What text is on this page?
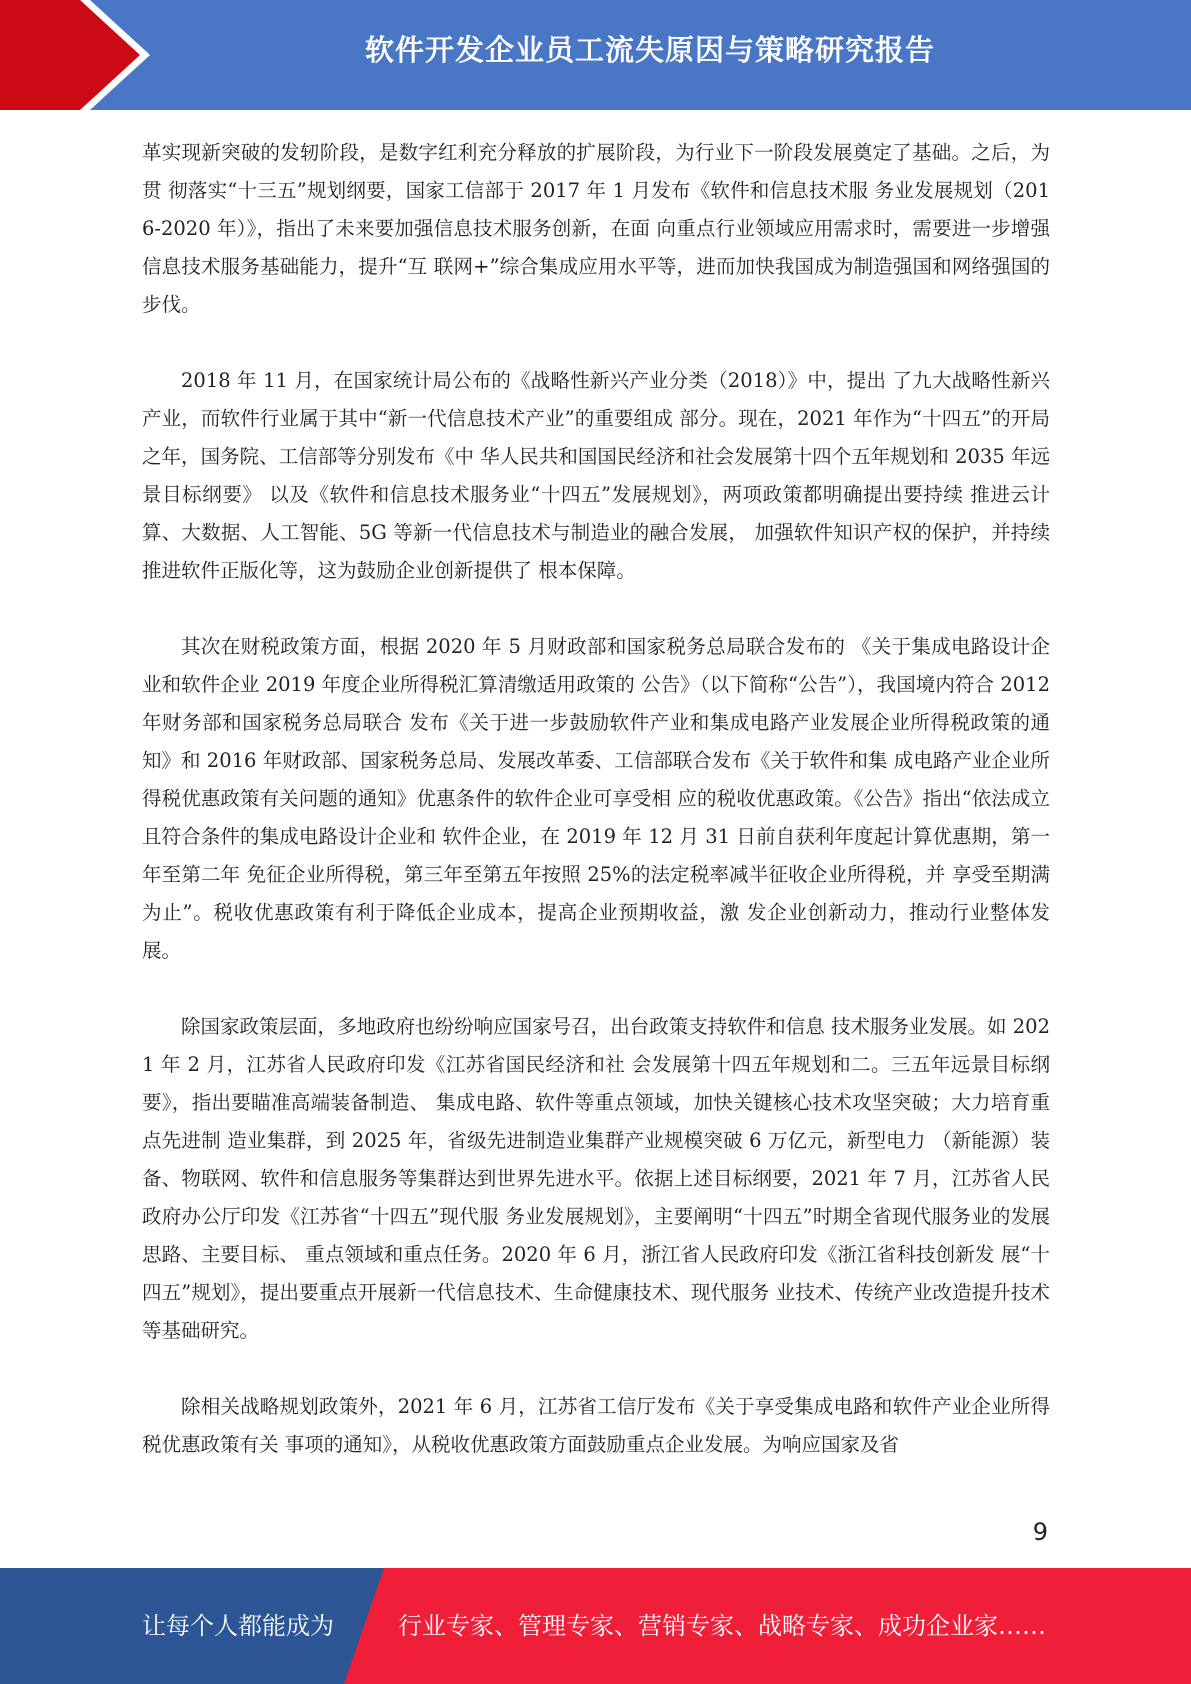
软件开发企业员工流失原因与策略研究报告

革实现新突破的发轫阶段，是数字红利充分释放的扩展阶段，为行业下一阶段发展奠定了基础。之后，为贯 彻落实“十三五”规划纲要，国家工信部于 2017 年 1 月发布《软件和信息技术服 务业发展规划（2016-2020 年）》，指出了未来要加强信息技术服务创新，在面 向重点行业领域应用需求时，需要进一步增强信息技术服务基础能力，提升“互 联网+”综合集成应用水平等，进而加快我国成为制造强国和网络强国的步伐。

2018 年 11 月，在国家统计局公布的《战略性新兴产业分类（2018）》中，提出 了九大战略性新兴产业，而软件行业属于其中“新一代信息技术产业”的重要组成 部分。现在，2021 年作为“十四五”的开局之年，国务院、工信部等分别发布《中 华人民共和国国民经济和社会发展第十四个五年规划和 2035 年远景目标纲要》 以及《软件和信息技术服务业“十四五”发展规划》，两项政策都明确提出要持续 推进云计算、大数据、人工智能、5G 等新一代信息技术与制造业的融合发展， 加强软件知识产权的保护，并持续推进软件正版化等，这为鼓励企业创新提供了 根本保障。

其次在财税政策方面，根据 2020 年 5 月财政部和国家税务总局联合发布的 《关于集成电路设计企业和软件企业 2019 年度企业所得税汇算清缴适用政策的 公告》（以下简称“公告”），我国境内符合 2012 年财务部和国家税务总局联合 发布《关于进一步鼓励软件产业和集成电路产业发展企业所得税政策的通知》和 2016 年财政部、国家税务总局、发展改革委、工信部联合发布《关于软件和集 成电路产业企业所得税优惠政策有关问题的通知》优惠条件的软件企业可享受相 应的税收优惠政策。《公告》指出“依法成立且符合条件的集成电路设计企业和 软件企业，在 2019 年 12 月 31 日前自获利年度起计算优惠期，第一年至第二年 免征企业所得税，第三年至第五年按照 25%的法定税率减半征收企业所得税，并 享受至期满为止”。税收优惠政策有利于降低企业成本，提高企业预期收益，激 发企业创新动力，推动行业整体发展。

除国家政策层面，多地政府也纷纷响应国家号召，出台政策支持软件和信息 技术服务业发展。如 2021 年 2 月，江苏省人民政府印发《江苏省国民经济和社 会发展第十四五年规划和二。三五年远景目标纲要》，指出要瞄准高端装备制造、 集成电路、软件等重点领域，加快关键核心技术攻坚突破；大力培育重点先进制 造业集群，到 2025 年，省级先进制造业集群产业规模突破 6 万亿元，新型电力 （新能源）装备、物联网、软件和信息服务等集群达到世界先进水平。依据上述目标纲要，2021 年 7 月，江苏省人民政府办公厅印发《江苏省“十四五”现代服 务业发展规划》，主要阐明“十四五”时期全省现代服务业的发展思路、主要目标、 重点领域和重点任务。2020 年 6 月，浙江省人民政府印发《浙江省科技创新发 展“十四五”规划》，提出要重点开展新一代信息技术、生命健康技术、现代服务 业技术、传统产业改造提升技术等基础研究。

除相关战略规划政策外，2021 年 6 月，江苏省工信厅发布《关于享受集成电路和软件产业企业所得税优惠政策有关 事项的通知》，从税收优惠政策方面鼓励重点企业发展。为响应国家及省

9
让每个人都能成为	行业专家、管理专家、营销专家、战略专家、成功企业家……
